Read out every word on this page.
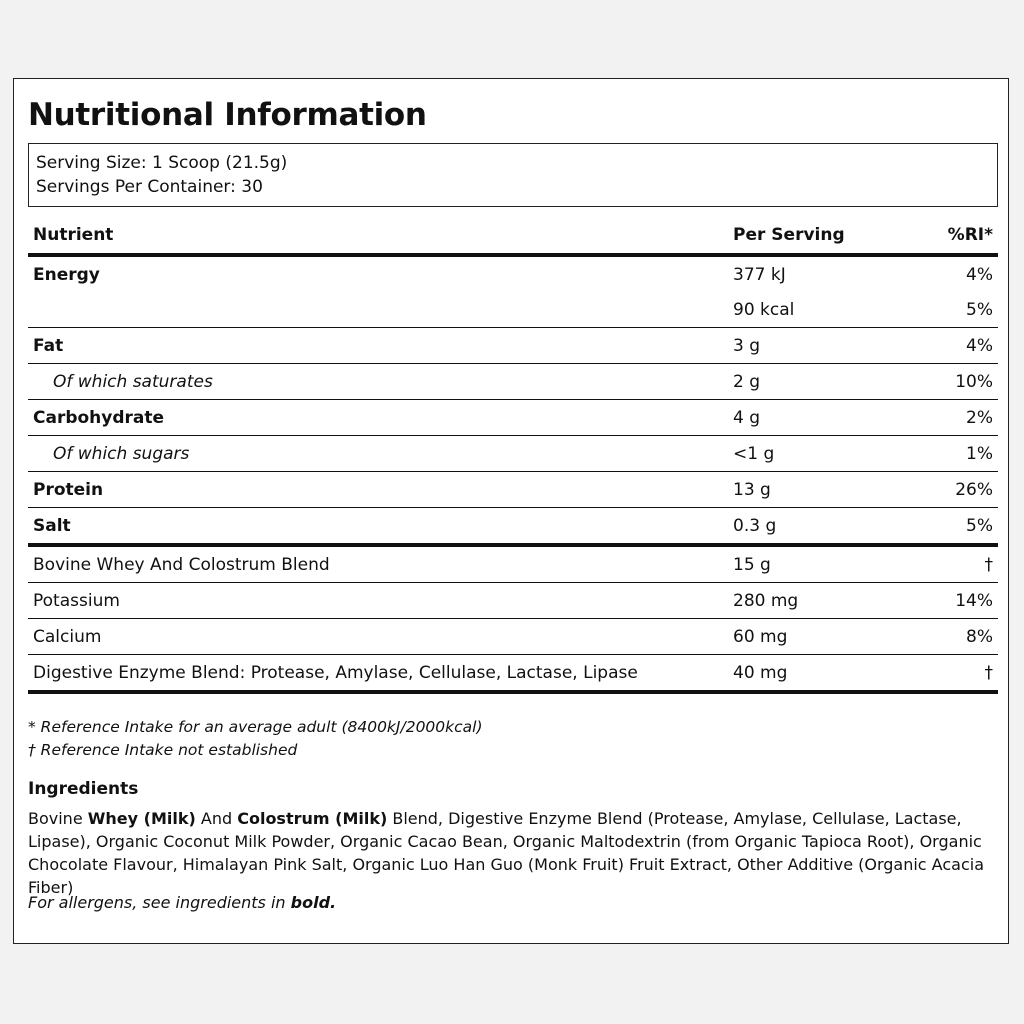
Nutritional Information
Serving Size: 1 Scoop (21.5g)
Servings Per Container: 30
Nutrient	Per Serving	%RI*
Energy	377 kJ	4%
	90 kcal	5%
Fat	3 g	4%
Of which saturates	2 g	10%
Carbohydrate	4 g	2%
Of which sugars	<1 g	1%
Protein	13 g	26%
Salt	0.3 g	5%
Bovine Whey And Colostrum Blend	15 g	†
Potassium	280 mg	14%
Calcium	60 mg	8%
Digestive Enzyme Blend: Protease, Amylase, Cellulase, Lactase, Lipase	40 mg	†
* Reference Intake for an average adult (8400kJ/2000kcal)
† Reference Intake not established
Ingredients
Bovine Whey (Milk) And Colostrum (Milk) Blend, Digestive Enzyme Blend (Protease, Amylase, Cellulase, Lactase, Lipase), Organic Coconut Milk Powder, Organic Cacao Bean, Organic Maltodextrin (from Organic Tapioca Root), Organic Chocolate Flavour, Himalayan Pink Salt, Organic Luo Han Guo (Monk Fruit) Fruit Extract, Other Additive (Organic Acacia Fiber)
For allergens, see ingredients in bold.
